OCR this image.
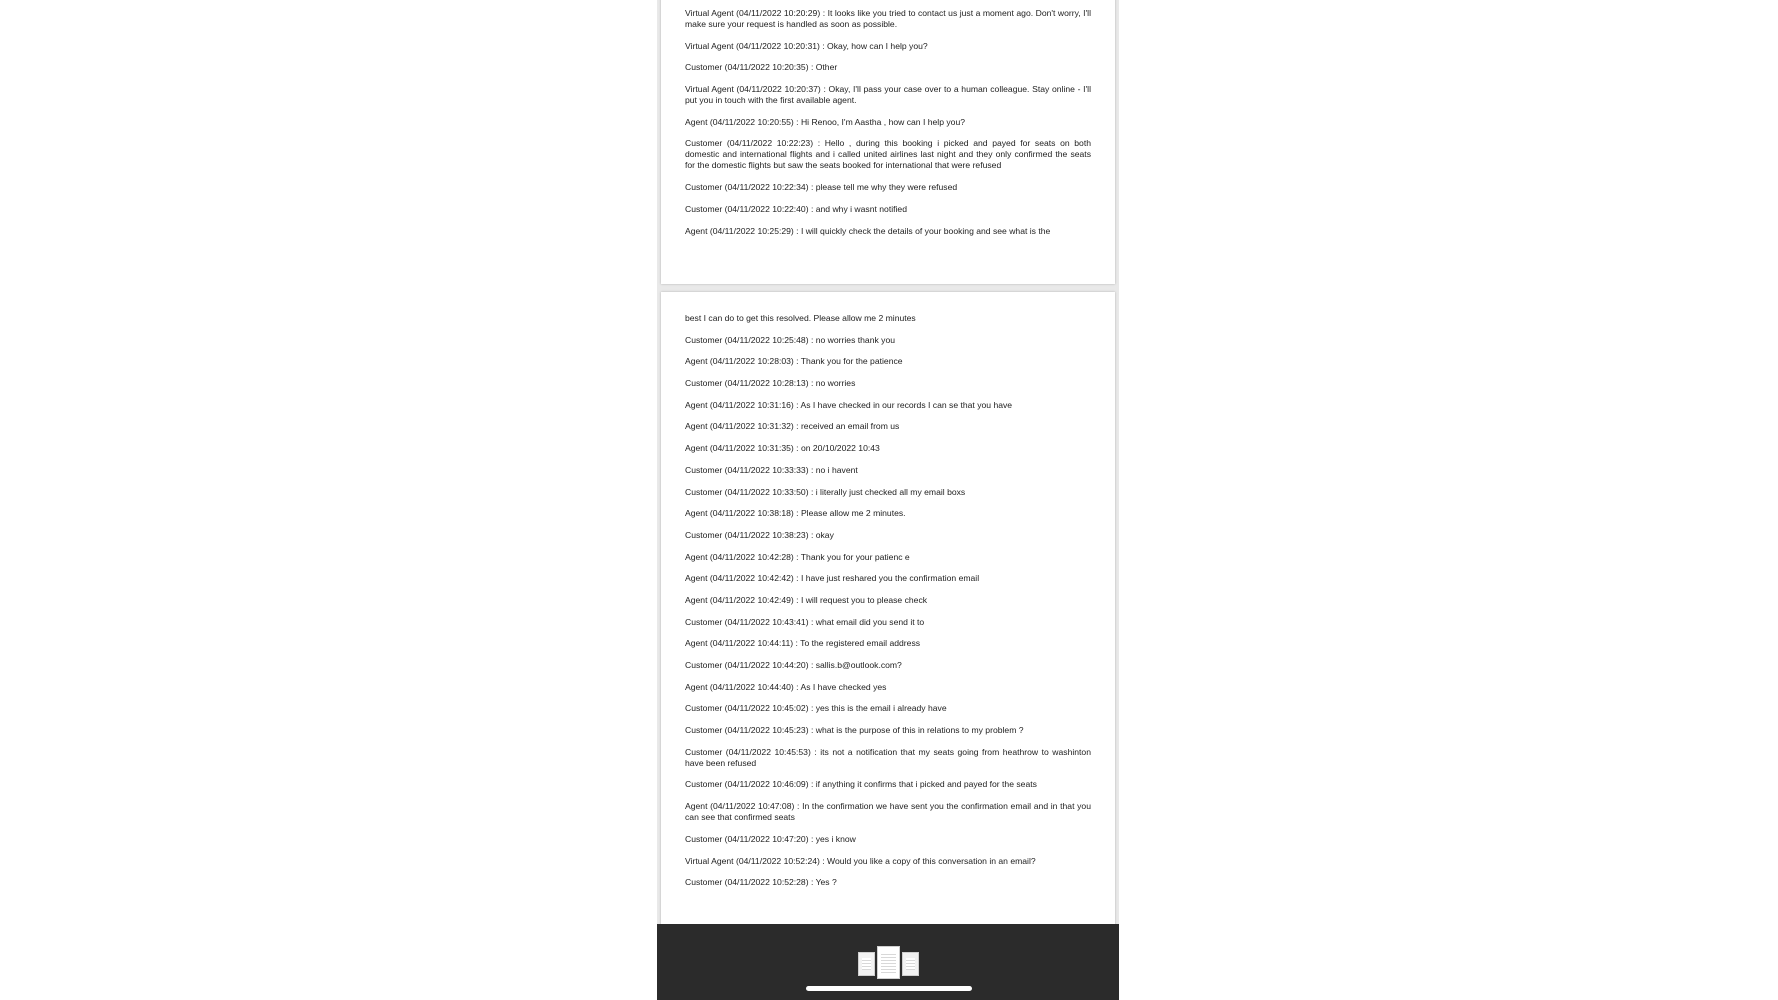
Virtual Agent (04/11/2022 10:20:29) : It looks like you tried to contact us just a moment ago. Don't worry, I'll make sure your request is handled as soon as possible.

Virtual Agent (04/11/2022 10:20:31) : Okay, how can I help you?

Customer (04/11/2022 10:20:35) : Other

Virtual Agent (04/11/2022 10:20:37) : Okay, I'll pass your case over to a human colleague. Stay online - I'll put you in touch with the first available agent.

Agent (04/11/2022 10:20:55) : Hi Renoo, I'm Aastha , how can I help you?

Customer (04/11/2022 10:22:23) : Hello , during this booking i picked and payed for seats on both domestic and international flights and i called united airlines last night and they only confirmed the seats for the domestic flights but saw the seats booked for international that were refused

Customer (04/11/2022 10:22:34) : please tell me why they were refused

Customer (04/11/2022 10:22:40) : and why i wasnt notified

Agent (04/11/2022 10:25:29) : I will quickly check the details of your booking and see what is the

best I can do to get this resolved. Please allow me 2 minutes

Customer (04/11/2022 10:25:48) : no worries thank you

Agent (04/11/2022 10:28:03) : Thank you for the patience

Customer (04/11/2022 10:28:13) : no worries

Agent (04/11/2022 10:31:16) : As I have checked in our records I can se that you have

Agent (04/11/2022 10:31:32) : received an email from us

Agent (04/11/2022 10:31:35) : on 20/10/2022 10:43

Customer (04/11/2022 10:33:33) : no i havent

Customer (04/11/2022 10:33:50) : i literally just checked all my email boxs

Agent (04/11/2022 10:38:18) : Please allow me 2 minutes.

Customer (04/11/2022 10:38:23) : okay

Agent (04/11/2022 10:42:28) : Thank you for your patienc e

Agent (04/11/2022 10:42:42) : I have just reshared you the confirmation email

Agent (04/11/2022 10:42:49) : I will request you to please check

Customer (04/11/2022 10:43:41) : what email did you send it to

Agent (04/11/2022 10:44:11) : To the registered email address

Customer (04/11/2022 10:44:20) : sallis.b@outlook.com?

Agent (04/11/2022 10:44:40) : As I have checked yes

Customer (04/11/2022 10:45:02) : yes this is the email i already have

Customer (04/11/2022 10:45:23) : what is the purpose of this in relations to my problem ?

Customer (04/11/2022 10:45:53) : its not a notification that my seats going from heathrow to washinton have been refused

Customer (04/11/2022 10:46:09) : if anything it confirms that i picked and payed for the seats

Agent (04/11/2022 10:47:08) : In the confirmation we have sent you the confirmation email and in that you can see that confirmed seats

Customer (04/11/2022 10:47:20) : yes i know

Virtual Agent (04/11/2022 10:52:24) : Would you like a copy of this conversation in an email?

Customer (04/11/2022 10:52:28) : Yes ?
